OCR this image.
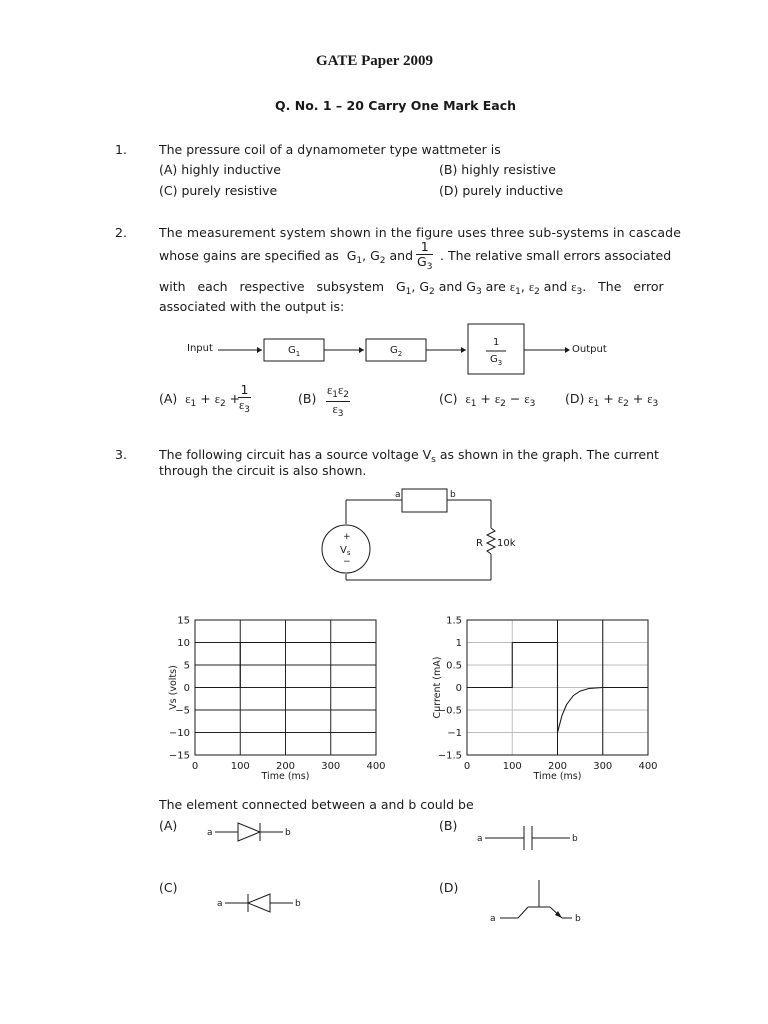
GATE Paper 2009
Q. No. 1 – 20 Carry One Mark Each
1.	The pressure coil of a dynamometer type wattmeter is
(A) highly inductive	(B) highly resistive
(C) purely resistive	(D) purely inductive
2.	The measurement system shown in the figure uses three sub-systems in cascade
whose gains are specified as $G_1$, $G_2$ and $\frac{1}{G_3}$ . The relative small errors associated
with   each   respective   subsystem $G_1$, $G_2$ and $G_3$ are $\varepsilon_1$, $\varepsilon_2$ and $\varepsilon_3$.   The   error
associated with the output is:
Input	Output
$G_1$	$G_2$
1
$G_3$
(A) $\varepsilon_1 + \varepsilon_2$ +
$\frac{1}{\varepsilon_3}$	$(B) \frac{\varepsilon_1\varepsilon_2}{\varepsilon_3}$	(C) $\varepsilon_1 + \varepsilon_2 - \varepsilon_3$ (D) $\varepsilon_1 + \varepsilon_2 + \varepsilon_3$
3.	The following circuit has a source voltage $V_s$ as shown in the graph. The current
through the circuit is also shown.
a	b
R 10k
+
$V_s$
−
0	100	200	300	400
15
10
5
0
−5
−10
−15
Time (ms)
Vs (volts)
0	100	200	300	400
1.5
1
0.5
0
−0.5
−1
−1.5
Time (ms)
Current (mA)
The element connected between a and b could be
(A)	(B)
(C)	(D)
a	b
a	b
a	b
a	b
